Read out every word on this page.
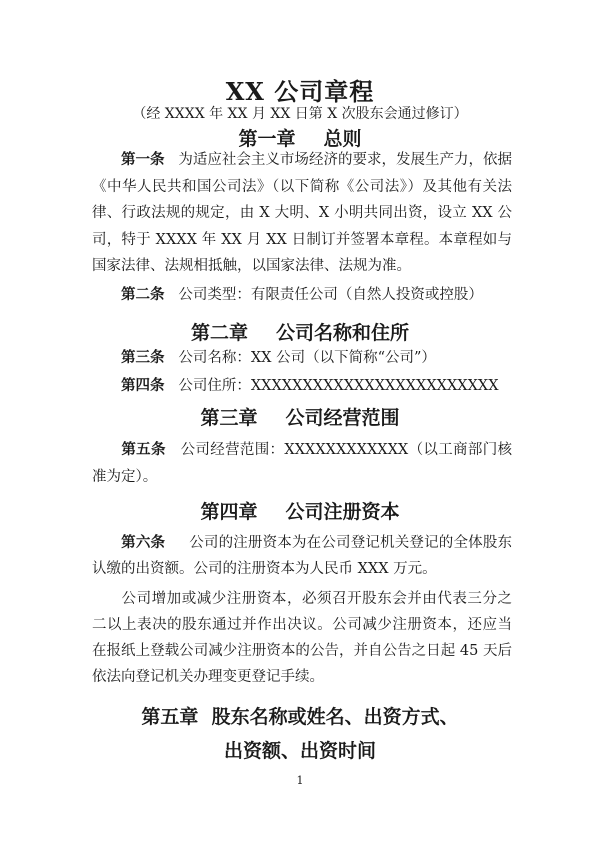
XX 公司章程
（经 XXXX 年 XX 月 XX 日第 X 次股东会通过修订）
第一章 总则
第一条 为适应社会主义市场经济的要求，发展生产力，依据《中华人民共和国公司法》（以下简称《公司法》）及其他有关法律、行政法规的规定，由 X 大明、X 小明共同出资，设立 XX 公司，特于 XXXX 年 XX 月 XX 日制订并签署本章程。本章程如与国家法律、法规相抵触，以国家法律、法规为准。
第二条 公司类型：有限责任公司（自然人投资或控股）
第二章 公司名称和住所
第三条 公司名称：XX 公司（以下简称“公司”）
第四条 公司住所：XXXXXXXXXXXXXXXXXXXXXXXX
第三章 公司经营范围
第五条 公司经营范围：XXXXXXXXXXXX（以工商部门核准为定）。
第四章 公司注册资本
第六条 公司的注册资本为在公司登记机关登记的全体股东认缴的出资额。公司的注册资本为人民币 XXX 万元。
公司增加或减少注册资本，必须召开股东会并由代表三分之二以上表决的股东通过并作出决议。公司减少注册资本，还应当在报纸上登载公司减少注册资本的公告，并自公告之日起 45 天后依法向登记机关办理变更登记手续。
第五章 股东名称或姓名、出资方式、
出资额、出资时间
1
